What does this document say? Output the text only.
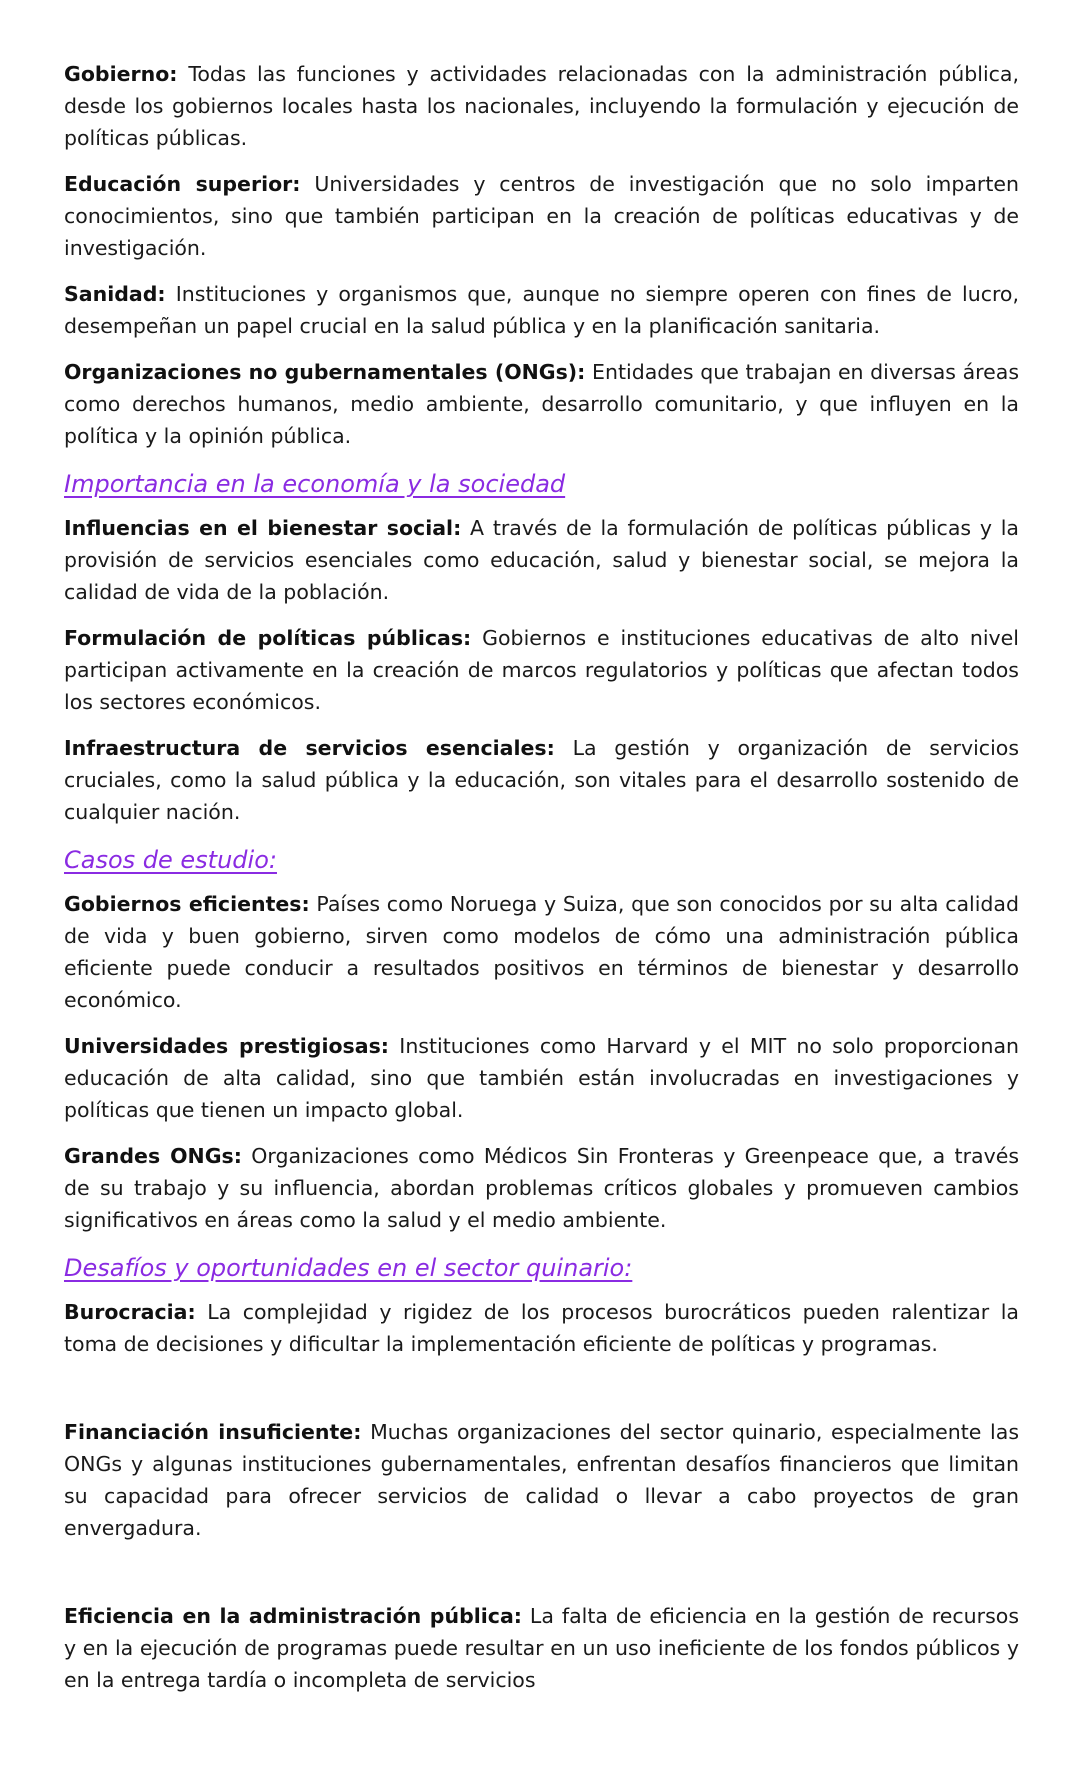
Gobierno: Todas las funciones y actividades relacionadas con la administración pública, desde los gobiernos locales hasta los nacionales, incluyendo la formulación y ejecución de políticas públicas.

Educación superior: Universidades y centros de investigación que no solo imparten conocimientos, sino que también participan en la creación de políticas educativas y de investigación.

Sanidad: Instituciones y organismos que, aunque no siempre operen con fines de lucro, desempeñan un papel crucial en la salud pública y en la planificación sanitaria.

Organizaciones no gubernamentales (ONGs): Entidades que trabajan en diversas áreas como derechos humanos, medio ambiente, desarrollo comunitario, y que influyen en la política y la opinión pública.

Importancia en la economía y la sociedad

Influencias en el bienestar social: A través de la formulación de políticas públicas y la provisión de servicios esenciales como educación, salud y bienestar social, se mejora la calidad de vida de la población.

Formulación de políticas públicas: Gobiernos e instituciones educativas de alto nivel participan activamente en la creación de marcos regulatorios y políticas que afectan todos los sectores económicos.

Infraestructura de servicios esenciales: La gestión y organización de servicios cruciales, como la salud pública y la educación, son vitales para el desarrollo sostenido de cualquier nación.

Casos de estudio:

Gobiernos eficientes: Países como Noruega y Suiza, que son conocidos por su alta calidad de vida y buen gobierno, sirven como modelos de cómo una administración pública eficiente puede conducir a resultados positivos en términos de bienestar y desarrollo económico.

Universidades prestigiosas: Instituciones como Harvard y el MIT no solo proporcionan educación de alta calidad, sino que también están involucradas en investigaciones y políticas que tienen un impacto global.

Grandes ONGs: Organizaciones como Médicos Sin Fronteras y Greenpeace que, a través de su trabajo y su influencia, abordan problemas críticos globales y promueven cambios significativos en áreas como la salud y el medio ambiente.

Desafíos y oportunidades en el sector quinario:

Burocracia: La complejidad y rigidez de los procesos burocráticos pueden ralentizar la toma de decisiones y dificultar la implementación eficiente de políticas y programas.

Financiación insuficiente: Muchas organizaciones del sector quinario, especialmente las ONGs y algunas instituciones gubernamentales, enfrentan desafíos financieros que limitan su capacidad para ofrecer servicios de calidad o llevar a cabo proyectos de gran envergadura.

Eficiencia en la administración pública: La falta de eficiencia en la gestión de recursos y en la ejecución de programas puede resultar en un uso ineficiente de los fondos públicos y en la entrega tardía o incompleta de servicios
